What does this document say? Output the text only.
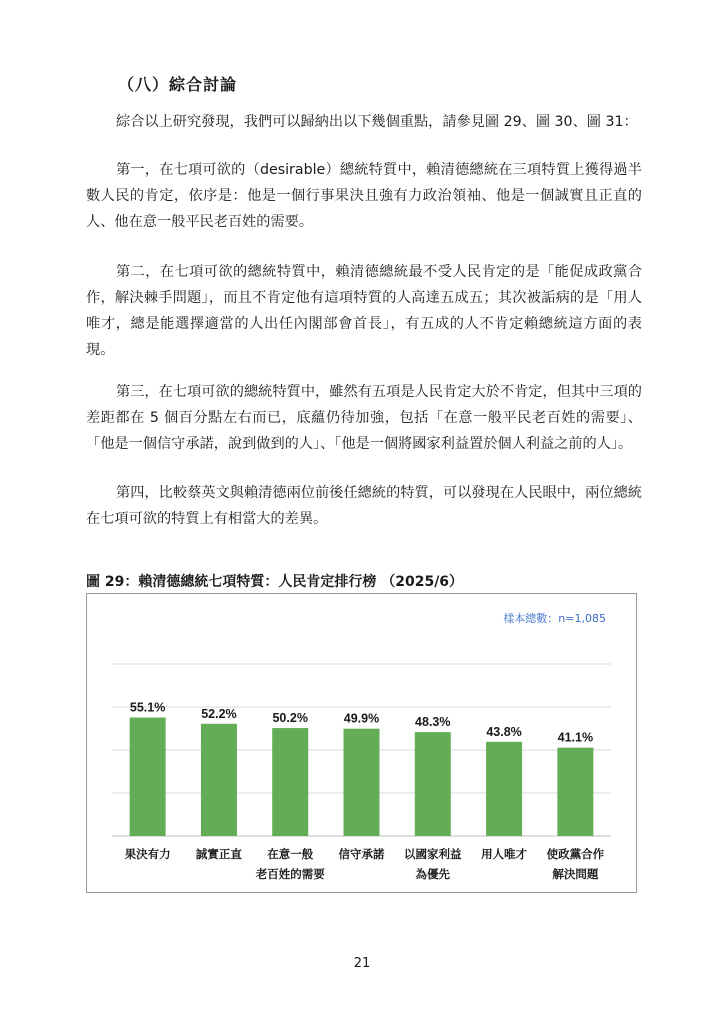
（八）綜合討論

綜合以上研究發現，我們可以歸納出以下幾個重點，請參見圖 29、圖 30、圖 31：

第一，在七項可欲的（desirable）總統特質中，賴清德總統在三項特質上獲得過半數人民的肯定，依序是：他是一個行事果決且強有力政治領袖、他是一個誠實且正直的人、他在意一般平民老百姓的需要。

第二，在七項可欲的總統特質中，賴清德總統最不受人民肯定的是「能促成政黨合作，解決棘手問題」，而且不肯定他有這項特質的人高達五成五；其次被詬病的是「用人唯才，總是能選擇適當的人出任內閣部會首長」，有五成的人不肯定賴總統這方面的表現。

第三，在七項可欲的總統特質中，雖然有五項是人民肯定大於不肯定，但其中三項的差距都在 5 個百分點左右而已，底蘊仍待加強，包括「在意一般平民老百姓的需要」、「他是一個信守承諾，說到做到的人」、「他是一個將國家利益置於個人利益之前的人」。

第四，比較蔡英文與賴清德兩位前後任總統的特質，可以發現在人民眼中，兩位總統在七項可欲的特質上有相當大的差異。

圖 29：賴清德總統七項特質：人民肯定排行榜 （2025/6）
樣本總數：n=1,085
55.1%	52.2%	50.2%	49.9%	48.3%
43.8%	41.1%
果決有力	誠實正直	在意一般
老百姓的需要
信守承諾	以國家利益
為優先
用人唯才	使政黨合作
解決問題
21
